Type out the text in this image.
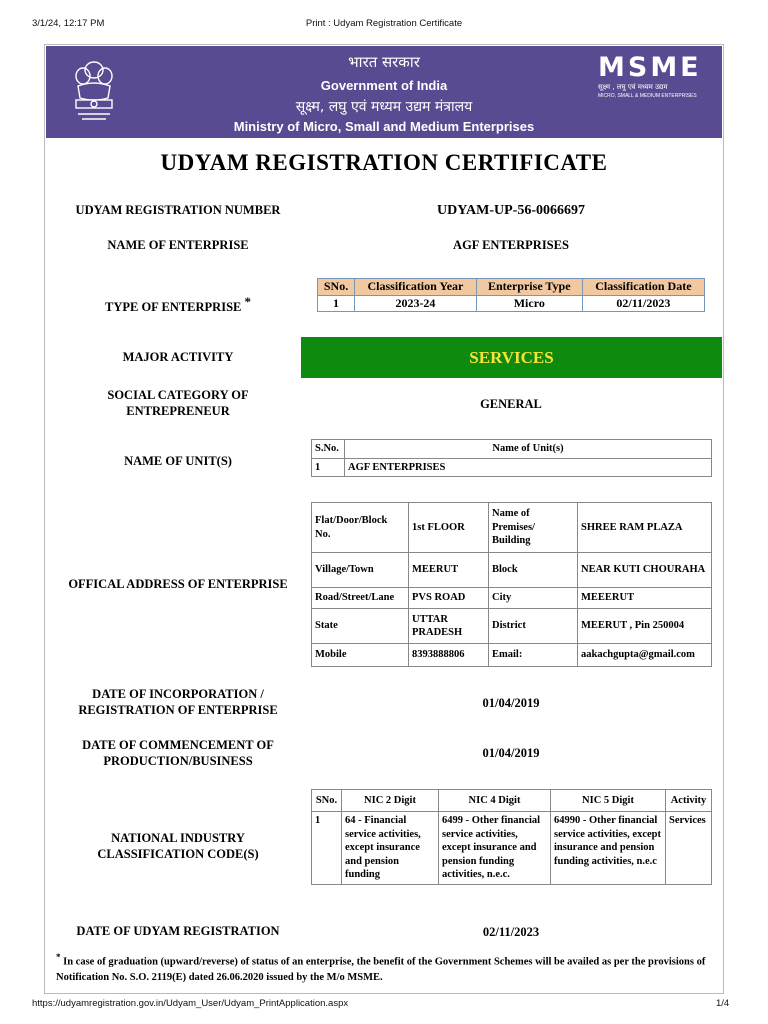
3/1/24, 12:17 PM	Print : Udyam Registration Certificate
भारत सरकार
Government of India
सूक्ष्म, लघु एवं मध्यम उद्यम मंत्रालय
Ministry of Micro, Small and Medium Enterprises
MSME
सूक्ष्म , लघु एवं मध्यम उद्यम
MICRO, SMALL & MEDIUM ENTERPRISES
UDYAM REGISTRATION CERTIFICATE
UDYAM REGISTRATION NUMBER	UDYAM-UP-56-0066697
NAME OF ENTERPRISE	AGF ENTERPRISES
TYPE OF ENTERPRISE *
SNo.	Classification Year	Enterprise Type	Classification Date
1	2023-24	Micro	02/11/2023
MAJOR ACTIVITY	SERVICES
SOCIAL CATEGORY OF
ENTREPRENEUR	GENERAL
NAME OF UNIT(S)
S.No.	Name of Unit(s)
1	AGF ENTERPRISES
OFFICAL ADDRESS OF ENTERPRISE
Flat/Door/Block No.	1st FLOOR	Name of Premises/ Building	SHREE RAM PLAZA
Village/Town	MEERUT	Block	NEAR KUTI CHOURAHA
Road/Street/Lane	PVS ROAD	City	MEEERUT
State	UTTAR PRADESH	District	MEERUT , Pin 250004
Mobile	8393888806	Email:	aakachgupta@gmail.com
DATE OF INCORPORATION /
REGISTRATION OF ENTERPRISE	01/04/2019
DATE OF COMMENCEMENT OF
PRODUCTION/BUSINESS
01/04/2019
NATIONAL INDUSTRY
CLASSIFICATION CODE(S)
SNo.	NIC 2 Digit	NIC 4 Digit	NIC 5 Digit	Activity
1	64 - Financial service activities, except insurance and pension funding	6499 - Other financial service activities, except insurance and pension funding activities, n.e.c.	64990 - Other financial service activities, except insurance and pension funding activities, n.e.c	Services
DATE OF UDYAM REGISTRATION	02/11/2023
* In case of graduation (upward/reverse) of status of an enterprise, the benefit of the Government Schemes will be availed as per the provisions of Notification No. S.O. 2119(E) dated 26.06.2020 issued by the M/o MSME.
https://udyamregistration.gov.in/Udyam_User/Udyam_PrintApplication.aspx	1/4
